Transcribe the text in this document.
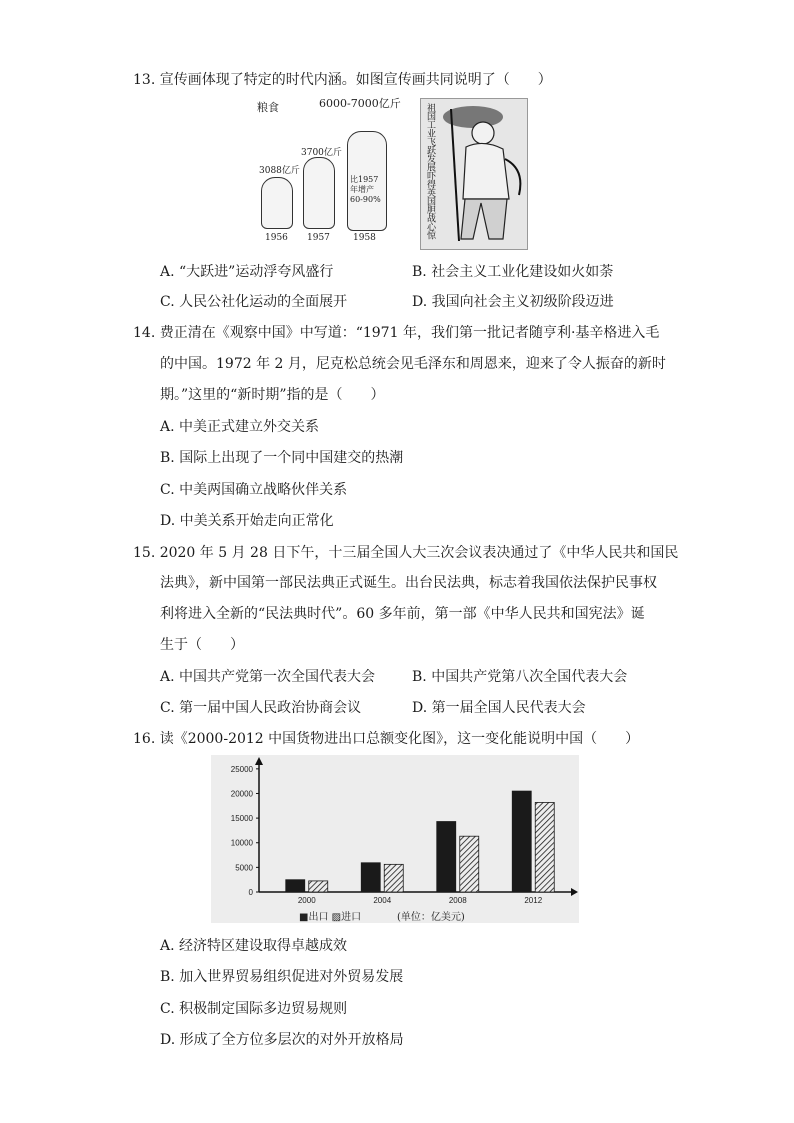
13. 宣传画体现了特定的时代内涵。如图宣传画共同说明了（　　）
粮食	6000-7000亿斤
3088亿斤
3700亿斤
比1957年增产60-90%
1956 1957	1958	祖国工业飞跃发展吓得英国胆战心惊
A. “大跃进”运动浮夸风盛行	B. 社会主义工业化建设如火如荼
C. 人民公社化运动的全面展开	D. 我国向社会主义初级阶段迈进
14. 费正清在《观察中国》中写道：“1971 年，我们第一批记者随亨利·基辛格进入毛
的中国。1972 年 2 月，尼克松总统会见毛泽东和周恩来，迎来了令人振奋的新时
期。”这里的“新时期”指的是（　　）
A. 中美正式建立外交关系
B. 国际上出现了一个同中国建交的热潮
C. 中美两国确立战略伙伴关系
D. 中美关系开始走向正常化
15. 2020 年 5 月 28 日下午，十三届全国人大三次会议表决通过了《中华人民共和国民
法典》，新中国第一部民法典正式诞生。出台民法典，标志着我国依法保护民事权
利将进入全新的“民法典时代”。60 多年前，第一部《中华人民共和国宪法》诞
生于（　　）
A. 中国共产党第一次全国代表大会	B. 中国共产党第八次全国代表大会
C. 第一届中国人民政治协商会议	D. 第一届全国人民代表大会
16. 读《2000-2012 中国货物进出口总额变化图》，这一变化能说明中国（　　）
0
5000
10000
15000
20000
25000
2000	2004	2008	2012
■出口 ▨进口	(单位：亿美元)
A. 经济特区建设取得卓越成效
B. 加入世界贸易组织促进对外贸易发展
C. 积极制定国际多边贸易规则
D. 形成了全方位多层次的对外开放格局
